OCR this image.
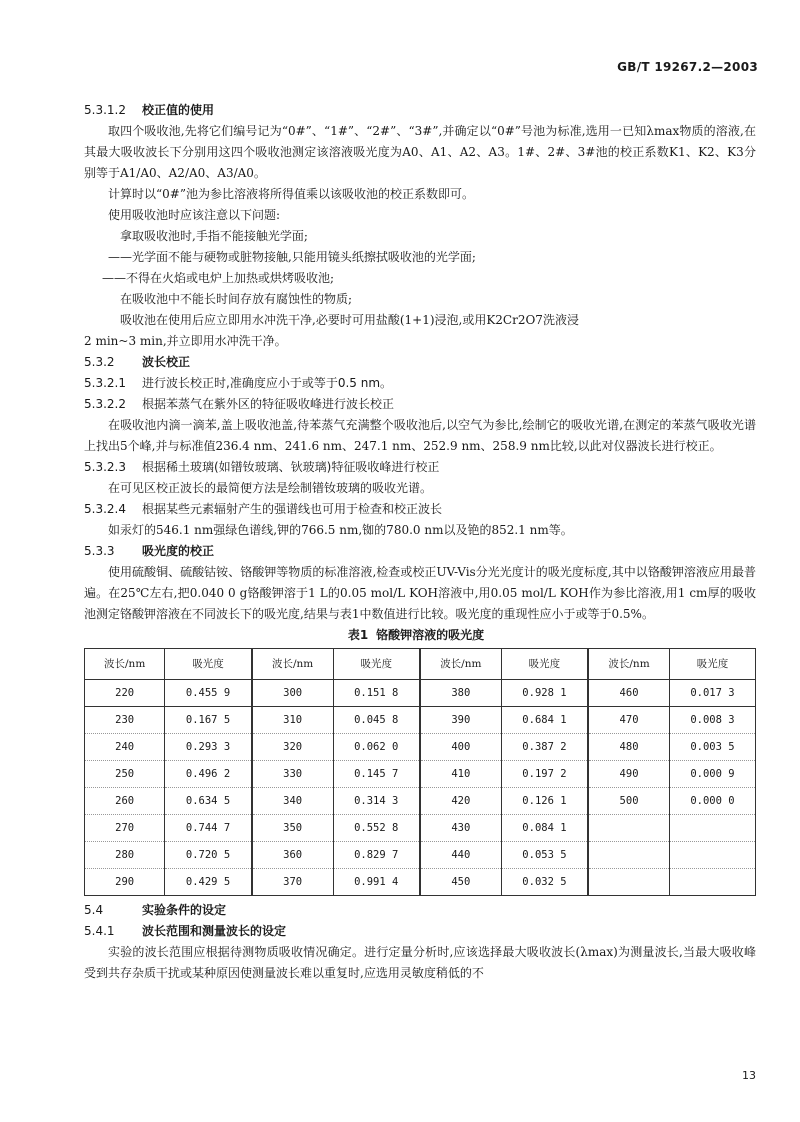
GB/T 19267.2—2003
5.3.1.2 校正值的使用

取四个吸收池,先将它们编号记为“0#”、“1#”、“2#”、“3#”,并确定以“0#”号池为标准,选用一已知λmax物质的溶液,在其最大吸收波长下分别用这四个吸收池测定该溶液吸光度为A0、A1、A2、A3。1#、2#、3#池的校正系数K1、K2、K3分别等于A1/A0、A2/A0、A3/A0。

计算时以“0#”池为参比溶液将所得值乘以该吸收池的校正系数即可。

使用吸收池时应该注意以下问题:

拿取吸收池时,手指不能接触光学面;
——光学面不能与硬物或脏物接触,只能用镜头纸擦拭吸收池的光学面;
——不得在火焰或电炉上加热或烘烤吸收池;
在吸收池中不能长时间存放有腐蚀性的物质;
吸收池在使用后应立即用水冲洗干净,必要时可用盐酸(1+1)浸泡,或用K2Cr2O7洗液浸
2 min~3 min,并立即用水冲洗干净。
5.3.2 波长校正
5.3.2.1 进行波长校正时,准确度应小于或等于0.5 nm。
5.3.2.2 根据苯蒸气在紫外区的特征吸收峰进行波长校正

在吸收池内滴一滴苯,盖上吸收池盖,待苯蒸气充满整个吸收池后,以空气为参比,绘制它的吸收光谱,在测定的苯蒸气吸收光谱上找出5个峰,并与标准值236.4 nm、241.6 nm、247.1 nm、252.9 nm、258.9 nm比较,以此对仪器波长进行校正。

5.3.2.3 根据稀土玻璃(如镨钕玻璃、钬玻璃)特征吸收峰进行校正

在可见区校正波长的最简便方法是绘制镨钕玻璃的吸收光谱。

5.3.2.4 根据某些元素辐射产生的强谱线也可用于检查和校正波长

如汞灯的546.1 nm强绿色谱线,钾的766.5 nm,铷的780.0 nm以及铯的852.1 nm等。

5.3.3 吸光度的校正

使用硫酸铜、硫酸钴铵、铬酸钾等物质的标准溶液,检查或校正UV-Vis分光光度计的吸光度标度,其中以铬酸钾溶液应用最普遍。在25℃左右,把0.040 0 g铬酸钾溶于1 L的0.05 mol/L KOH溶液中,用0.05 mol/L KOH作为参比溶液,用1 cm厚的吸收池测定铬酸钾溶液在不同波长下的吸光度,结果与表1中数值进行比较。吸光度的重现性应小于或等于0.5%。

表1 铬酸钾溶液的吸光度
波长/nm	吸光度	波长/nm	吸光度	波长/nm	吸光度	波长/nm	吸光度
220	0.455 9	300	0.151 8	380	0.928 1	460	0.017 3
230	0.167 5	310	0.045 8	390	0.684 1	470	0.008 3
240	0.293 3	320	0.062 0	400	0.387 2	480	0.003 5
250	0.496 2	330	0.145 7	410	0.197 2	490	0.000 9
260	0.634 5	340	0.314 3	420	0.126 1	500	0.000 0
270	0.744 7	350	0.552 8	430	0.084 1		
280	0.720 5	360	0.829 7	440	0.053 5		
290	0.429 5	370	0.991 4	450	0.032 5		
5.4	实验条件的设定
5.4.1 波长范围和测量波长的设定

实验的波长范围应根据待测物质吸收情况确定。进行定量分析时,应该选择最大吸收波长(λmax)为测量波长,当最大吸收峰受到共存杂质干扰或某种原因使测量波长难以重复时,应选用灵敏度稍低的不

13
